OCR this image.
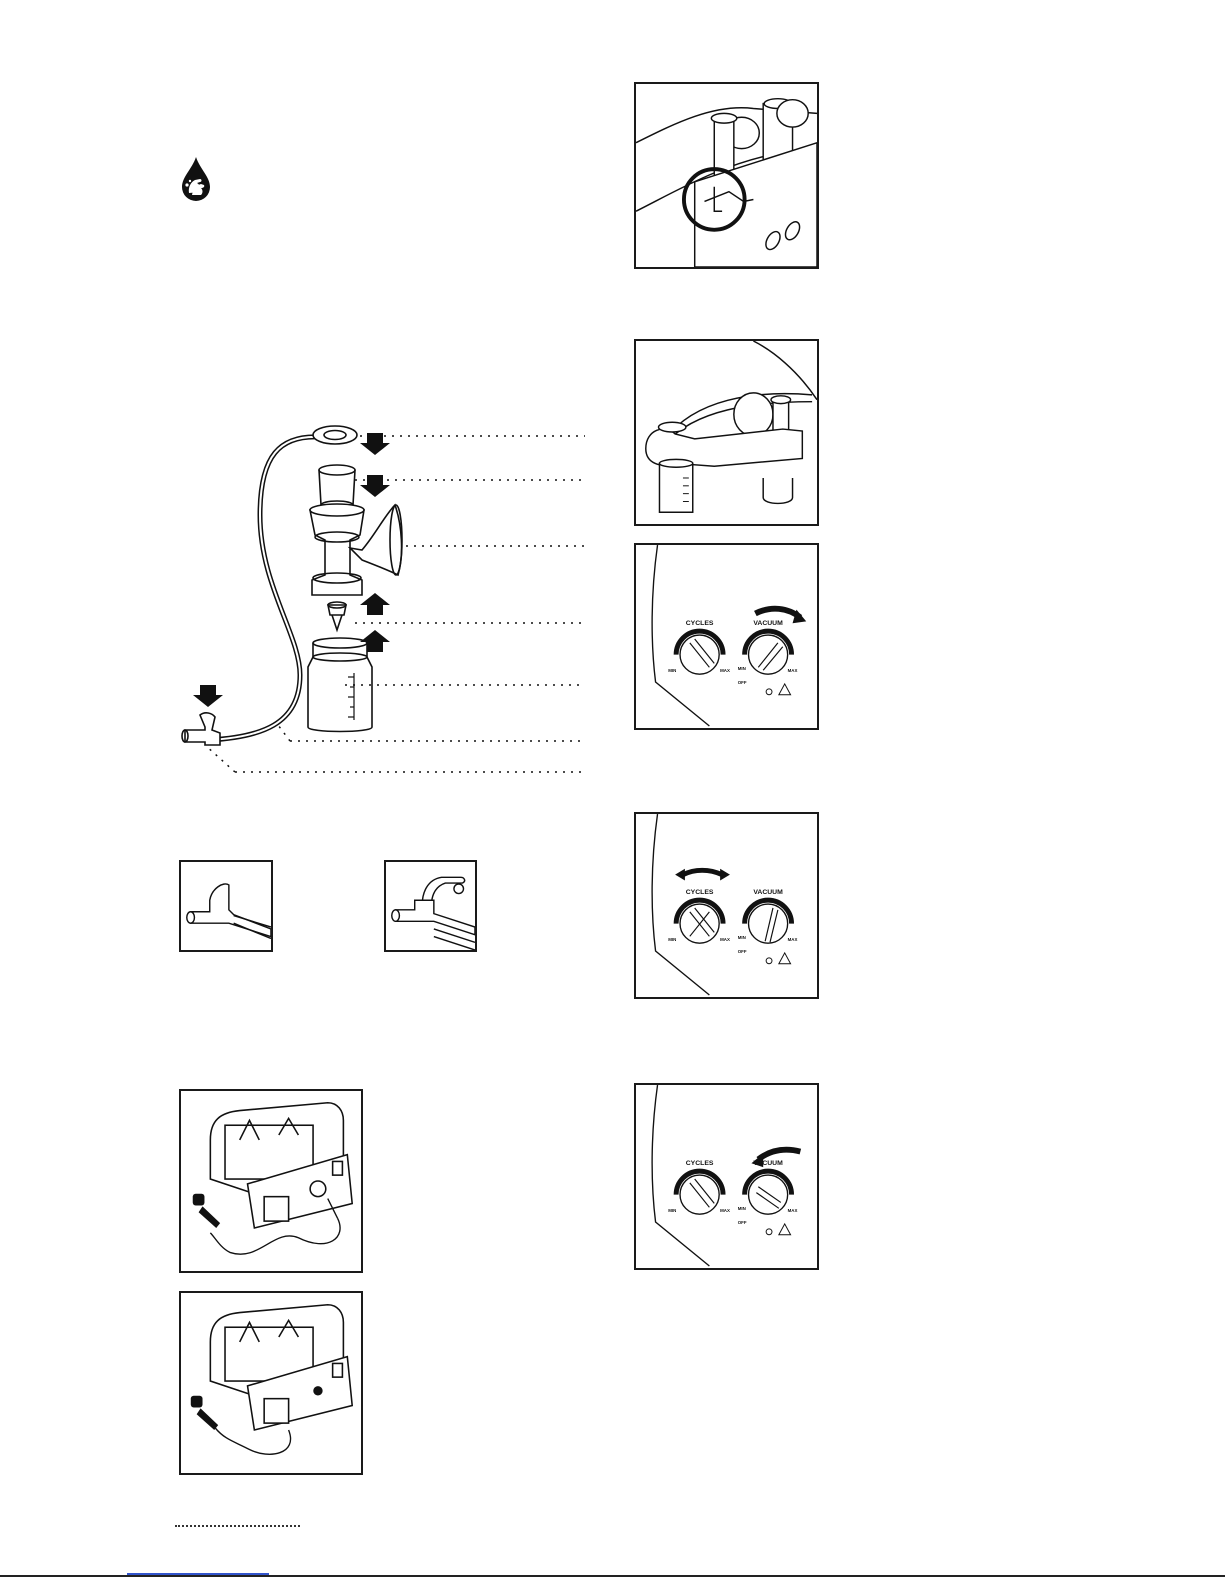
CYCLES	VACUUM
MIN	MAX MIN
OFF
MAX
CYCLES	VACUUM
MIN	MAX MIN
OFF
MAX
CYCLES	VACUUM
MIN	MAX MIN
OFF
MAX
